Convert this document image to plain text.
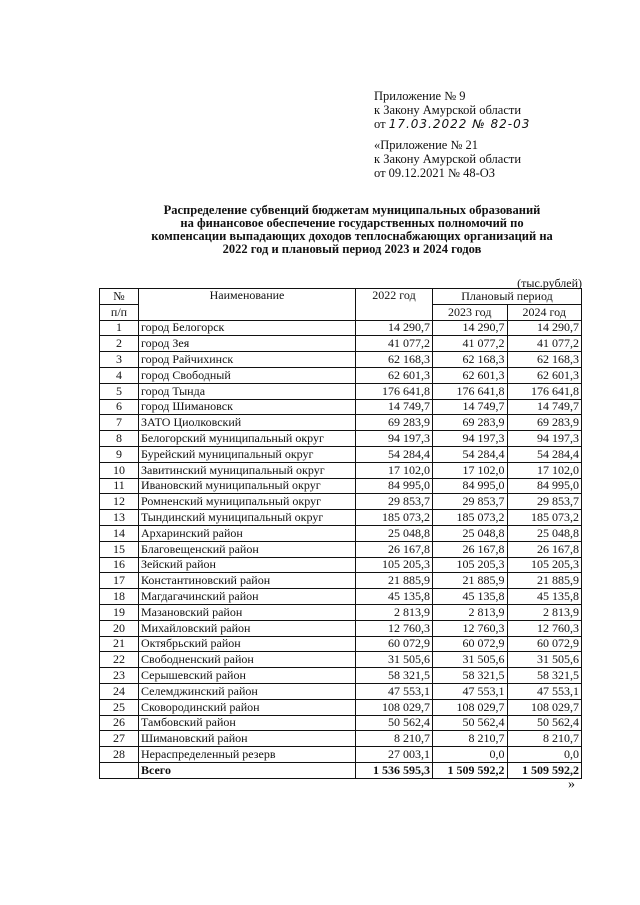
Приложение № 9
к Закону Амурской области
от 17.03.2022 № 82-03
«Приложение № 21
к Закону Амурской области
от 09.12.2021 № 48-ОЗ
Распределение субвенций бюджетам муниципальных образований
на финансовое обеспечение государственных полномочий по
компенсации выпадающих доходов теплоснабжающих организаций на
2022 год и плановый период 2023 и 2024 годов
(тыс.рублей)
№	Наименование	2022 год	Плановый период	
п/п			2023 год	2024 год
1	город Белогорск	14 290,7	14 290,7	14 290,7
2	город Зея	41 077,2	41 077,2	41 077,2
3	город Райчихинск	62 168,3	62 168,3	62 168,3
4	город Свободный	62 601,3	62 601,3	62 601,3
5	город Тында	176 641,8	176 641,8	176 641,8
6	город Шимановск	14 749,7	14 749,7	14 749,7
7	ЗАТО Циолковский	69 283,9	69 283,9	69 283,9
8	Белогорский муниципальный округ	94 197,3	94 197,3	94 197,3
9	Бурейский муниципальный округ	54 284,4	54 284,4	54 284,4
10	Завитинский муниципальный округ	17 102,0	17 102,0	17 102,0
11	Ивановский муниципальный округ	84 995,0	84 995,0	84 995,0
12	Ромненский муниципальный округ	29 853,7	29 853,7	29 853,7
13	Тындинский муниципальный округ	185 073,2	185 073,2	185 073,2
14	Архаринский район	25 048,8	25 048,8	25 048,8
15	Благовещенский район	26 167,8	26 167,8	26 167,8
16	Зейский район	105 205,3	105 205,3	105 205,3
17	Константиновский район	21 885,9	21 885,9	21 885,9
18	Магдагачинский район	45 135,8	45 135,8	45 135,8
19	Мазановский район	2 813,9	2 813,9	2 813,9
20	Михайловский район	12 760,3	12 760,3	12 760,3
21	Октябрьский район	60 072,9	60 072,9	60 072,9
22	Свободненский район	31 505,6	31 505,6	31 505,6
23	Серышевский район	58 321,5	58 321,5	58 321,5
24	Селемджинский район	47 553,1	47 553,1	47 553,1
25	Сковородинский район	108 029,7	108 029,7	108 029,7
26	Тамбовский район	50 562,4	50 562,4	50 562,4
27	Шимановский район	8 210,7	8 210,7	8 210,7
28	Нераспределенный резерв	27 003,1	0,0	0,0
	Всего	1 536 595,3	1 509 592,2	1 509 592,2
»
